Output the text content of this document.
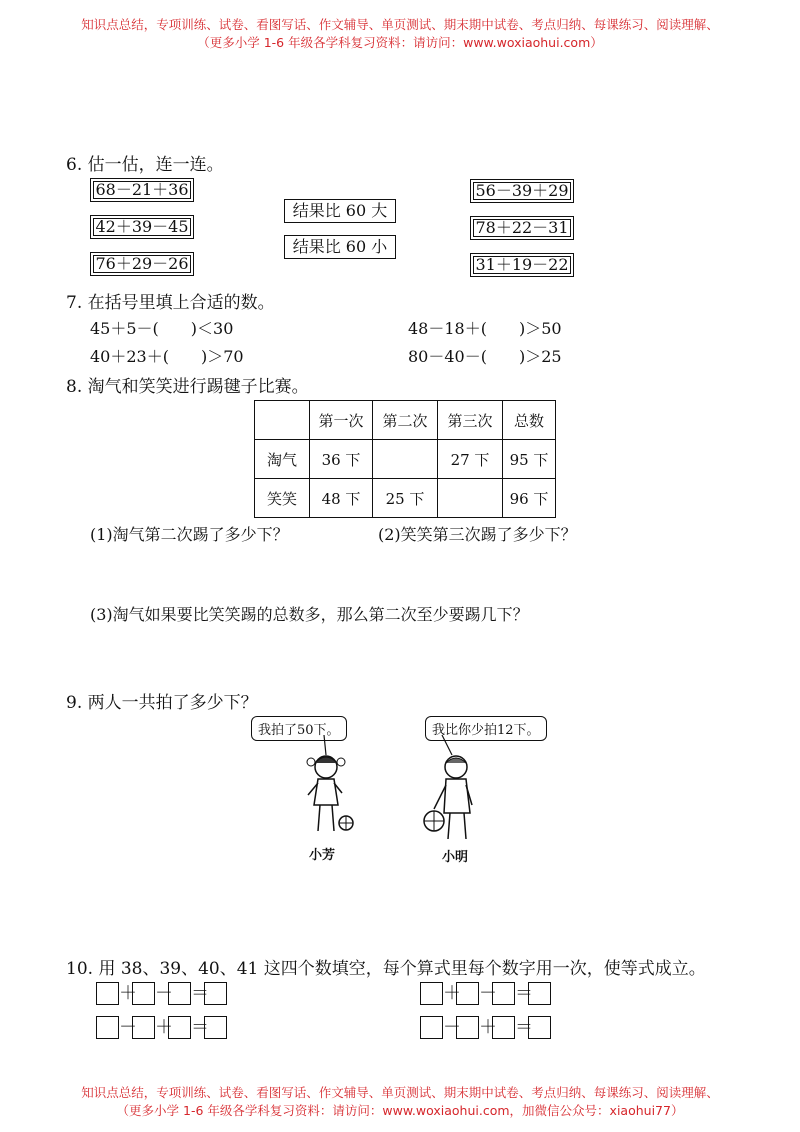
知识点总结，专项训练、试卷、看图写话、作文辅导、单页测试、期末期中试卷、考点归纳、每课练习、阅读理解、
（更多小学 1-6 年级各学科复习资料：请访问：www.woxiaohui.com）
6. 估一估，连一连。
68－21＋36
42＋39－45
76＋29－26
结果比 60 大
结果比 60 小
56－39＋29
78＋22－31
31＋19－22
7. 在括号里填上合适的数。
45＋5－(　　)＜30	48－18＋(　　)＞50
40＋23＋(　　)＞70	80－40－(　　)＞25
8. 淘气和笑笑进行踢毽子比赛。
	第一次	第二次	第三次	总数
淘气	36 下		27 下	95 下
笑笑	48 下	25 下		96 下
(1)淘气第二次踢了多少下？	(2)笑笑第三次踢了多少下？
(3)淘气如果要比笑笑踢的总数多，那么第二次至少要踢几下？
9. 两人一共拍了多少下？
我拍了50下。	我比你少拍12下。
小芳	小明
10. 用 38、39、40、41 这四个数填空，每个算式里每个数字用一次，使等式成立。
＋ － ＝
－ ＋ ＝
＋ － ＝
－ ＋ ＝
知识点总结，专项训练、试卷、看图写话、作文辅导、单页测试、期末期中试卷、考点归纳、每课练习、阅读理解、
（更多小学 1-6 年级各学科复习资料：请访问：www.woxiaohui.com，加微信公众号：xiaohui77）
